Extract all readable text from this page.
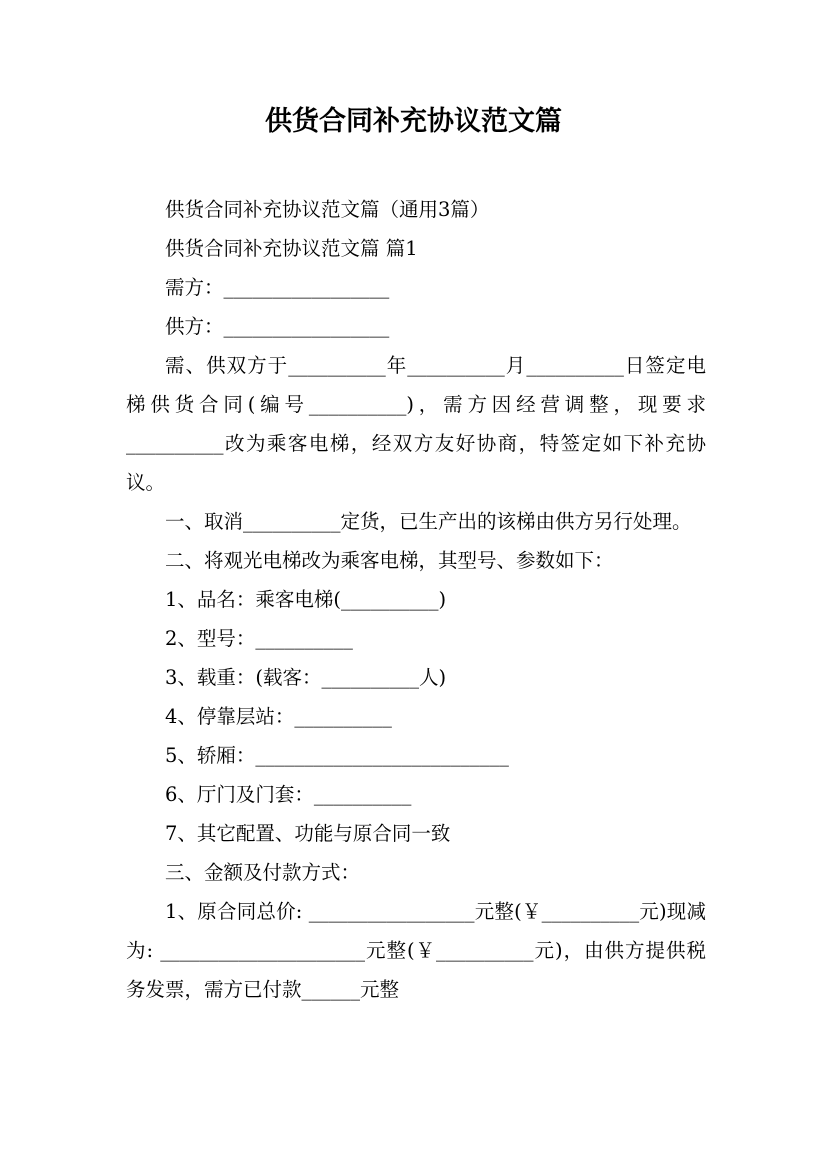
供货合同补充协议范文篇

供货合同补充协议范文篇（通用3篇）

供货合同补充协议范文篇 篇1

需方：_________________

供方：_________________

需、供双方于__________年__________月__________日签定电梯供货合同(编号__________)，需方因经营调整，现要求__________改为乘客电梯，经双方友好协商，特签定如下补充协议。

一、取消__________定货，已生产出的该梯由供方另行处理。

二、将观光电梯改为乘客电梯，其型号、参数如下：

1、品名：乘客电梯(__________)

2、型号：__________

3、载重：(载客：__________人)

4、停靠层站：__________

5、轿厢：__________________________

6、厅门及门套：__________

7、其它配置、功能与原合同一致

三、金额及付款方式：

1、原合同总价: _________________元整(￥__________元)现减为: _____________________元整(￥__________元)，由供方提供税务发票，需方已付款______元整
